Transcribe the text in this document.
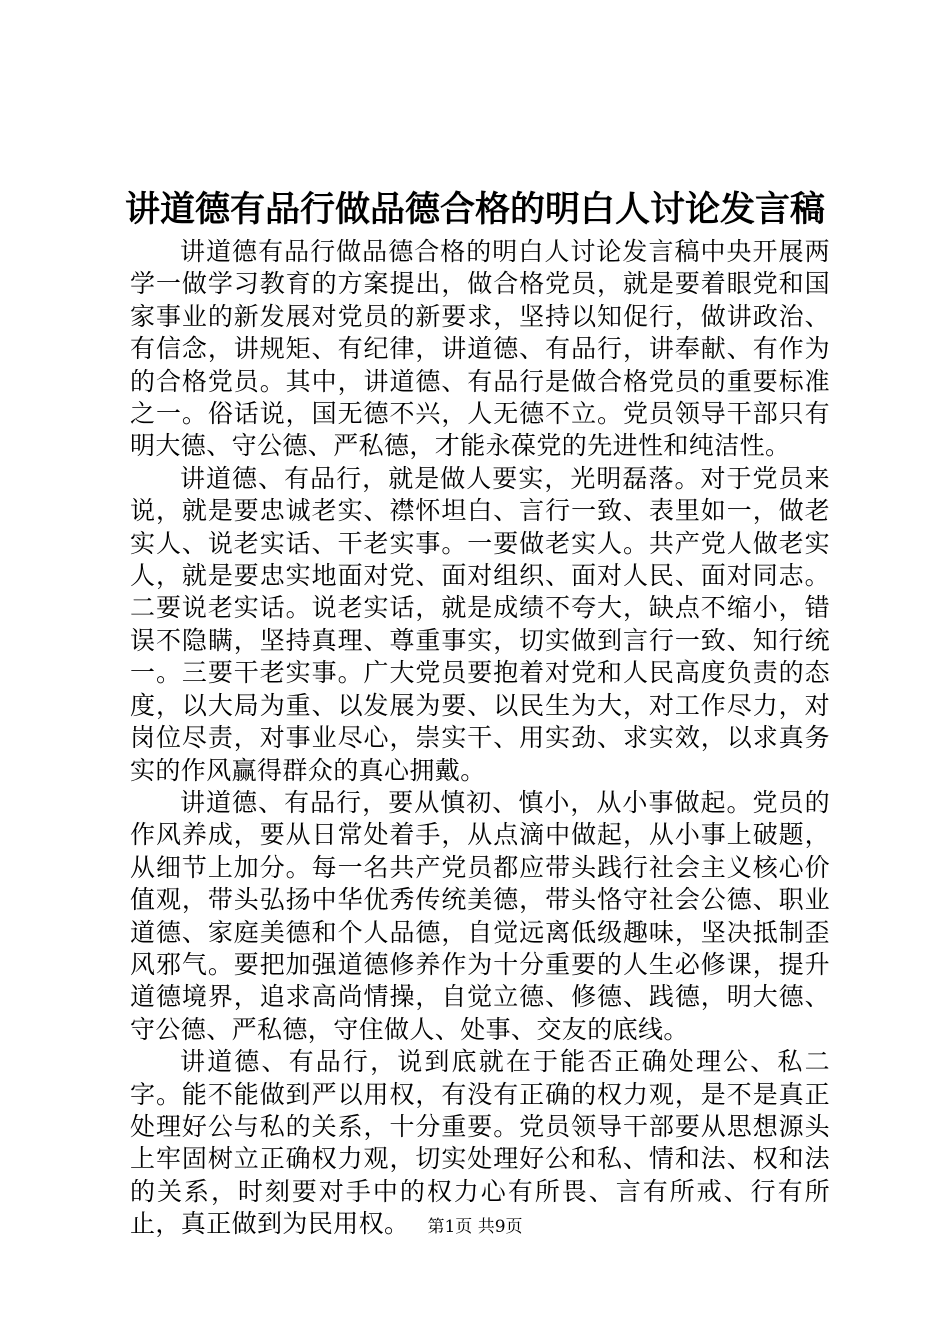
讲道德有品行做品德合格的明白人讨论发言稿

讲道德有品行做品德合格的明白人讨论发言稿中央开展两学一做学习教育的方案提出，做合格党员，就是要着眼党和国家事业的新发展对党员的新要求，坚持以知促行，做讲政治、有信念，讲规矩、有纪律，讲道德、有品行，讲奉献、有作为的合格党员。其中，讲道德、有品行是做合格党员的重要标准之一。俗话说，国无德不兴，人无德不立。党员领导干部只有明大德、守公德、严私德，才能永葆党的先进性和纯洁性。

讲道德、有品行，就是做人要实，光明磊落。对于党员来说，就是要忠诚老实、襟怀坦白、言行一致、表里如一，做老实人、说老实话、干老实事。一要做老实人。共产党人做老实人，就是要忠实地面对党、面对组织、面对人民、面对同志。二要说老实话。说老实话，就是成绩不夸大，缺点不缩小，错误不隐瞒，坚持真理、尊重事实，切实做到言行一致、知行统一。三要干老实事。广大党员要抱着对党和人民高度负责的态度，以大局为重、以发展为要、以民生为大，对工作尽力，对岗位尽责，对事业尽心，崇实干、用实劲、求实效，以求真务实的作风赢得群众的真心拥戴。

讲道德、有品行，要从慎初、慎小，从小事做起。党员的作风养成，要从日常处着手，从点滴中做起，从小事上破题，从细节上加分。每一名共产党员都应带头践行社会主义核心价值观，带头弘扬中华优秀传统美德，带头恪守社会公德、职业道德、家庭美德和个人品德，自觉远离低级趣味，坚决抵制歪风邪气。要把加强道德修养作为十分重要的人生必修课，提升道德境界，追求高尚情操，自觉立德、修德、践德，明大德、守公德、严私德，守住做人、处事、交友的底线。

讲道德、有品行，说到底就在于能否正确处理公、私二字。能不能做到严以用权，有没有正确的权力观，是不是真正处理好公与私的关系，十分重要。党员领导干部要从思想源头上牢固树立正确权力观，切实处理好公和私、情和法、权和法的关系，时刻要对手中的权力心有所畏、言有所戒、行有所止，真正做到为民用权。	第1页 共9页
